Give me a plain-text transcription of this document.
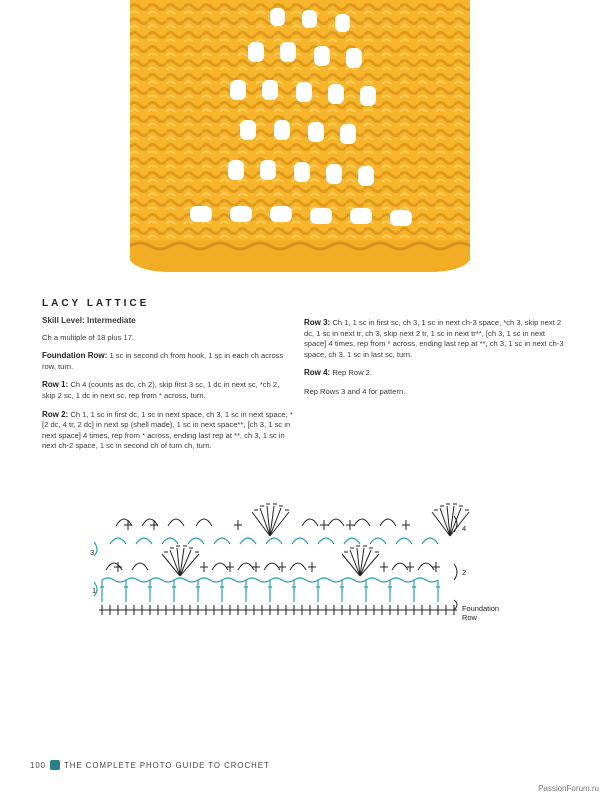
LACY LATTICE

Skill Level: Intermediate

Ch a multiple of 18 plus 17.

Foundation Row: 1 sc in second ch from hook, 1 sc in each ch across row, turn.

Row 1: Ch 4 (counts as dc, ch 2), skip first 3 sc, 1 dc in next sc, *ch 2, skip 2 sc, 1 dc in next sc, rep from * across, turn.

Row 2: Ch 1, 1 sc in first dc, 1 sc in next space, ch 3, 1 sc in next space, *[2 dc, 4 tr, 2 dc] in next sp (shell made), 1 sc in next space**, [ch 3, 1 sc in next space] 4 times, rep from * across, ending last rep at **, ch 3, 1 sc in next ch-2 space, 1 sc in second ch of turn ch, turn.

Row 3: Ch 1, 1 sc in first sc, ch 3, 1 sc in next ch-3 space, *ch 3, skip next 2 dc, 1 sc in next tr, ch 3, skip next 2 tr, 1 sc in next tr**, [ch 3, 1 sc in next space] 4 times, rep from * across, ending last rep at **, ch 3, 1 sc in next ch-3 space, ch 3, 1 sc in last sc, turn.

Row 4: Rep Row 2.

Rep Rows 3 and 4 for pattern.

4
3
2
1
Foundation
Row
100 THE COMPLETE PHOTO GUIDE TO CROCHET
PassionForum.ru
